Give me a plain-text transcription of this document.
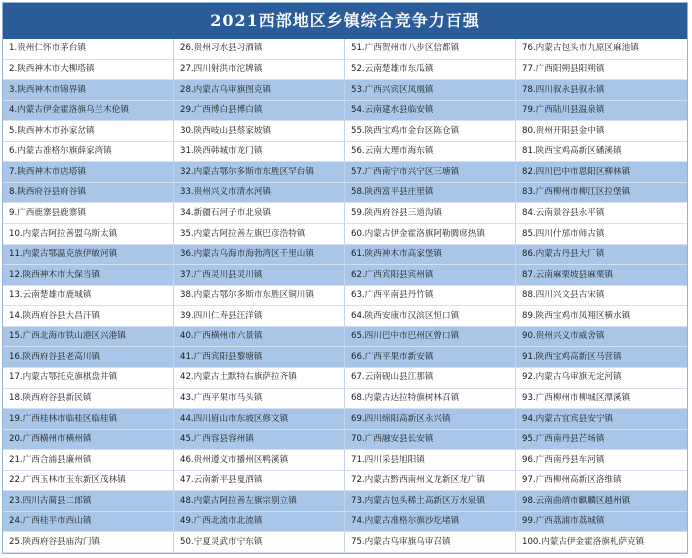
2021西部地区乡镇综合竞争力百强
1.贵州仁怀市茅台镇	26.贵州习水县习酒镇	51.广西贺州市八步区信都镇	76.内蒙古包头市九原区麻池镇
2.陕西神木市大柳塔镇	27.四川射洪市沱牌镇	52.云南楚雄市东瓜镇	77.广西阳朔县阳朔镇
3.陕西神木市锦界镇	28.内蒙古乌审旗图克镇	53.广西兴宾区凤凰镇	78.四川叙永县叙永镇
4.内蒙古伊金霍洛旗乌兰木伦镇	29.广西博白县博白镇	54.云南建水县临安镇	79.广西陆川县温泉镇
5.陕西神木市孙家岔镇	30.陕西岐山县蔡家坡镇	55.陕西宝鸡市金台区陈仓镇	80.贵州开阳县金中镇
6.内蒙古准格尔旗薛家湾镇	31.陕西韩城市龙门镇	56.云南大理市海东镇	81.陕西宝鸡高新区磻溪镇
7.陕西神木市店塔镇	32.内蒙古鄂尔多斯市东胜区罕台镇	57.广西南宁市兴宁区三塘镇	82.四川巴中市恩阳区柳林镇
8.陕西府谷县府谷镇	33.贵州兴义市清水河镇	58.陕西富平县庄里镇	83.广西柳州市柳江区拉堡镇
9.广西鹿寨县鹿寨镇	34.新疆石河子市北泉镇	59.陕西府谷县三道沟镇	84.云南景谷县永平镇
10.内蒙古阿拉善盟乌斯太镇	35.内蒙古阿拉善左旗巴彦浩特镇	60.内蒙古伊金霍洛旗阿勒腾席热镇	85.四川什邡市师古镇
11.内蒙古鄂温克族伊敏河镇	36.内蒙古乌海市海勃湾区千里山镇	61.陕西神木市高家堡镇	86.内蒙古丹县大厂镇
12.陕西神木市大保当镇	37.广西灵川县灵川镇	62.广西宾阳县宾州镇	87.云南麻栗坡县麻栗镇
13.云南楚雄市鹿城镇	38.内蒙古鄂尔多斯市东胜区铜川镇	63.广西平南县丹竹镇	88.四川兴文县古宋镇
14.陕西府谷县大昌汗镇	39.四川仁寿县汪洋镇	64.陕西安康市汉滨区恒口镇	89.陕西宝鸡市凤翔区横水镇
15.广西北海市铁山港区兴港镇	40.广西横州市六景镇	65.四川巴中市巴州区曾口镇	90.贵州兴义市威舍镇
16.陕西府谷县老高川镇	41.广西宾阳县黎塘镇	66.广西平果市新安镇	91.陕西宝鸡高新区马营镇
17.内蒙古鄂托克旗棋盘井镇	42.内蒙古土默特右旗萨拉齐镇	67.云南砚山县江那镇	92.内蒙古乌审旗无定河镇
18.陕西府谷县新民镇	43.广西平果市马头镇	68.内蒙古达拉特旗树林召镇	93.广西柳州市柳城区潭溪镇
19.广西桂林市临桂区临桂镇	44.四川眉山市东坡区修文镇	69.四川绵阳高新区永兴镇	94.内蒙古宜宾县安宁镇
20.广西横州市横州镇	45.广西容县容州镇	70.广西融安县长安镇	95.广西南丹县芒场镇
21.广西合浦县廉州镇	46.贵州遵义市播州区鸭溪镇	71.四川采县旭阳镇	96.广西南丹县车河镇
22.广西玉林市玉东新区茂林镇	47.云南新平县戛洒镇	72.内蒙古黔西南州义龙新区龙广镇	97.广西柳州高新区洛维镇
23.四川古蔺县二郎镇	48.内蒙古阿拉善左旗宗别立镇	73.内蒙古包头稀土高新区万水泉镇	98.云南曲靖市麒麟区越州镇
24.广西桂平市西山镇	49.广西北流市北流镇	74.内蒙古准格尔旗沙圪堵镇	99.广西荔浦市荔城镇
25.陕西府谷县庙沟门镇	50.宁夏灵武市宁东镇	75.内蒙古乌审旗乌审召镇	100.内蒙古伊金霍洛旗札萨克镇
